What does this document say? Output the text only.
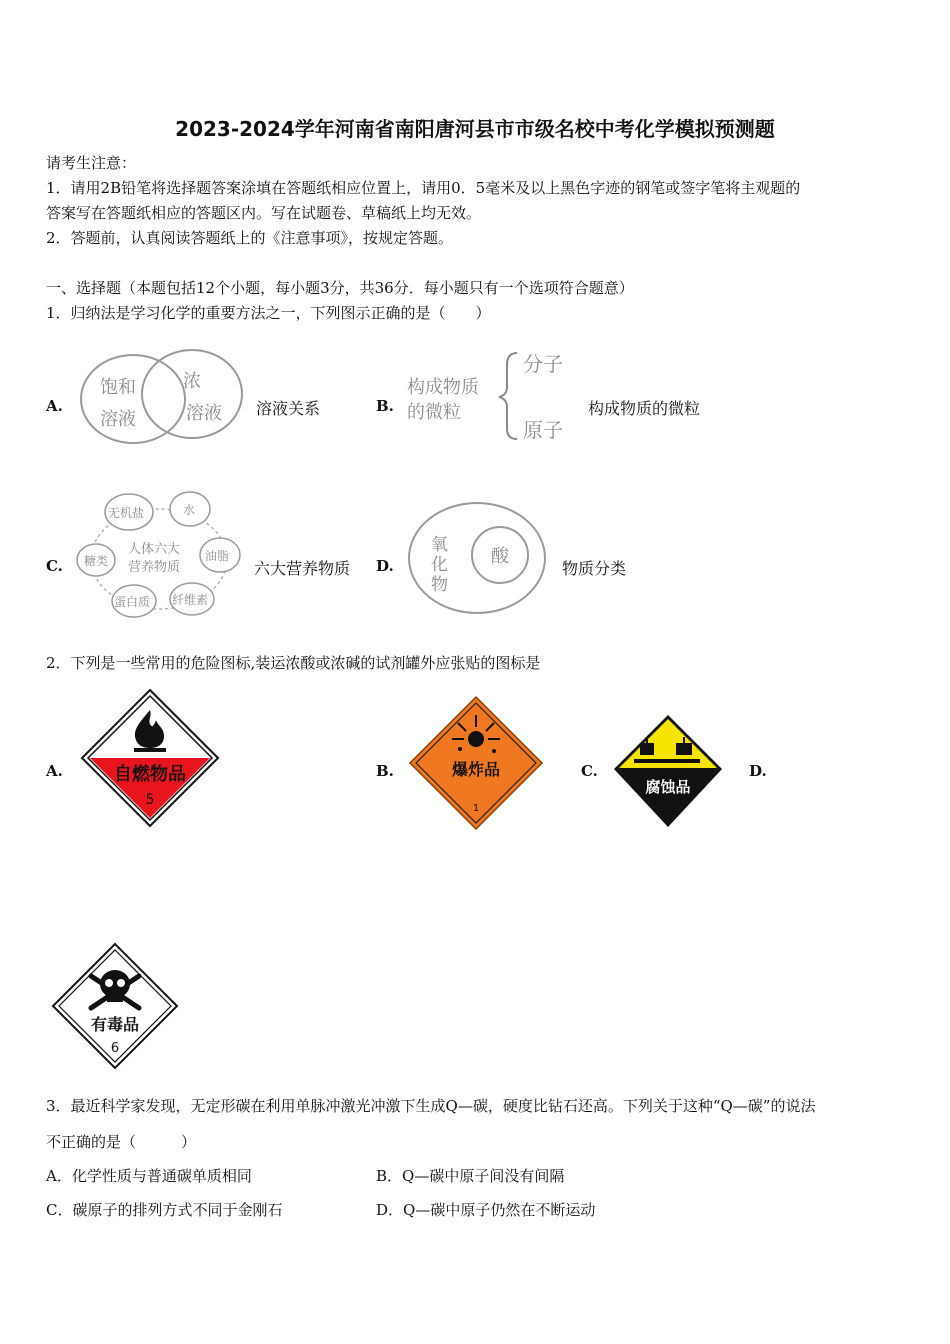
2023-2024学年河南省南阳唐河县市市级名校中考化学模拟预测题
请考生注意：
1．请用2B铅笔将选择题答案涂填在答题纸相应位置上，请用0．5毫米及以上黑色字迹的钢笔或签字笔将主观题的
答案写在答题纸相应的答题区内。写在试题卷、草稿纸上均无效。
2．答题前，认真阅读答题纸上的《注意事项》，按规定答题。
一、选择题（本题包括12个小题，每小题3分，共36分．每小题只有一个选项符合题意）
1．归纳法是学习化学的重要方法之一，下列图示正确的是（　　）
A.
饱和
溶液
浓
溶液 溶液关系	B.
构成物质
的微粒
分子
原子
构成物质的微粒
C.
人体六大
营养物质
无机盐	水
油脂
纤维素
蛋白质
糖类	六大营养物质 D.
氧
化
物
酸
物质分类
2．下列是一些常用的危险图标,装运浓酸或浓碱的试剂罐外应张贴的图标是
A.	自燃物品
5
B.	爆炸品
1
C.
腐蚀品
D.
有毒品
6
3．最近科学家发现，无定形碳在利用单脉冲激光冲激下生成Q—碳，硬度比钻石还高。下列关于这种“Q—碳”的说法
不正确的是（　　　）
A．化学性质与普通碳单质相同	B．Q—碳中原子间没有间隔
C．碳原子的排列方式不同于金刚石	D．Q—碳中原子仍然在不断运动
